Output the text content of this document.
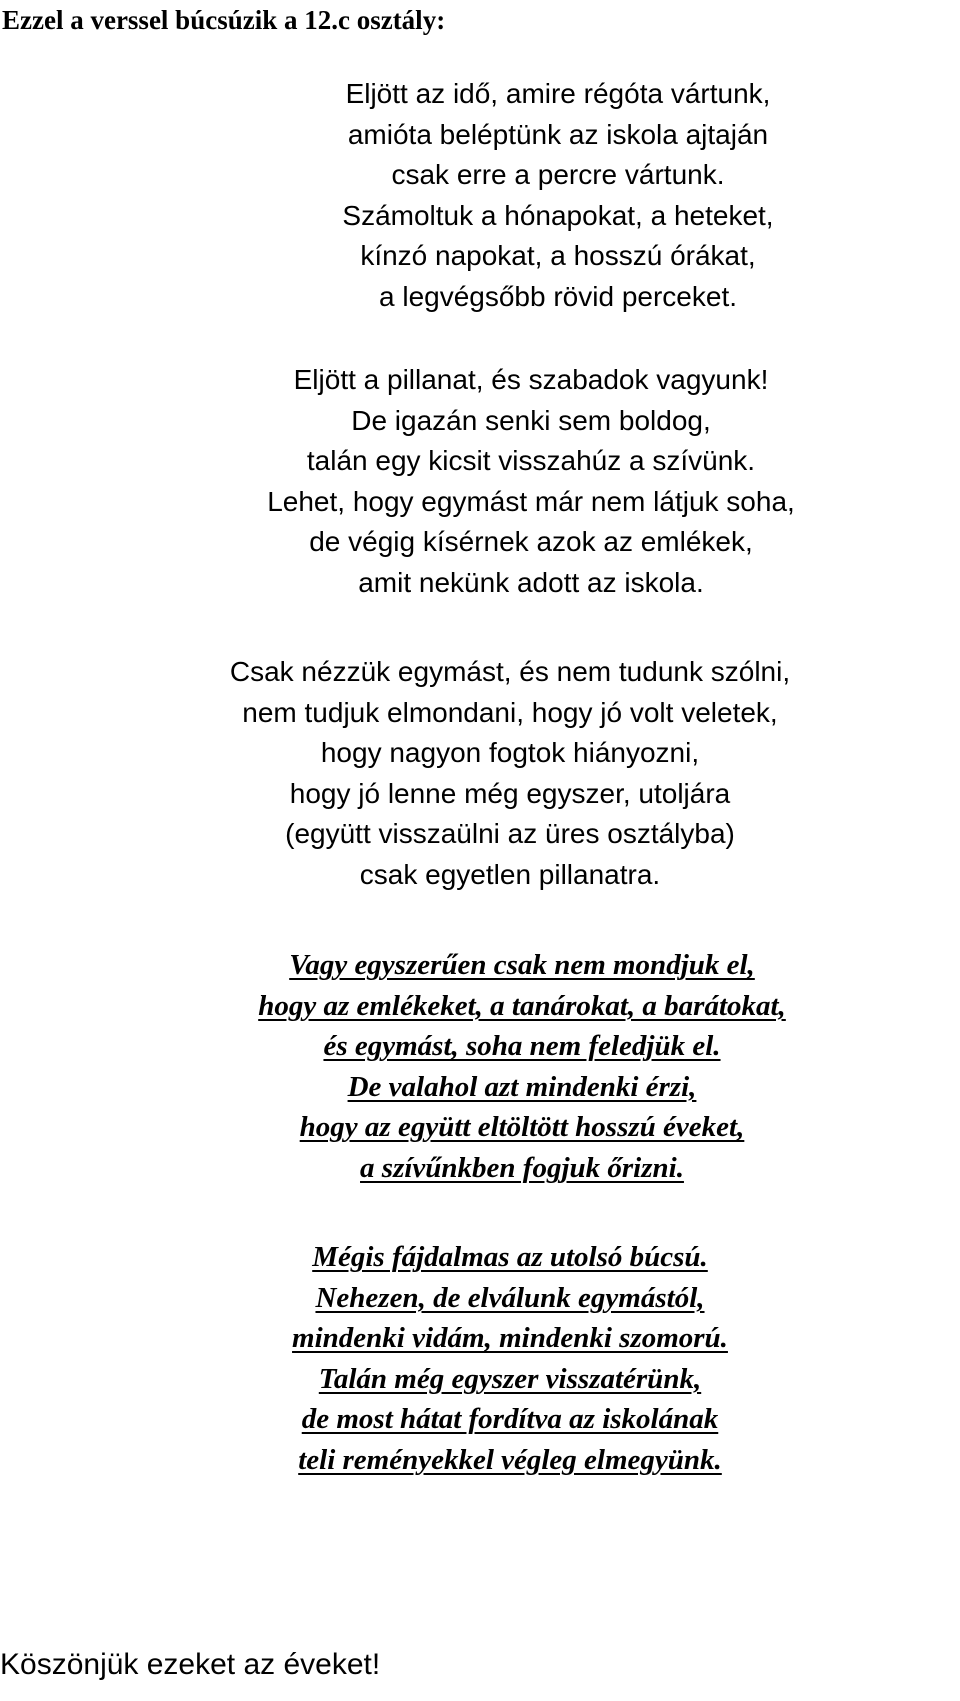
Ezzel a verssel búcsúzik a 12.c osztály:
Eljött az idő, amire régóta vártunk,
amióta beléptünk az iskola ajtaján
csak erre a percre vártunk.
Számoltuk a hónapokat, a heteket,
kínzó napokat, a hosszú órákat,
a legvégsőbb rövid perceket.
Eljött a pillanat, és szabadok vagyunk!
De igazán senki sem boldog,
talán egy kicsit visszahúz a szívünk.
Lehet, hogy egymást már nem látjuk soha,
de végig kísérnek azok az emlékek,
amit nekünk adott az iskola.
Csak nézzük egymást, és nem tudunk szólni,
nem tudjuk elmondani, hogy jó volt veletek,
hogy nagyon fogtok hiányozni,
hogy jó lenne még egyszer, utoljára
(együtt visszaülni az üres osztályba)
csak egyetlen pillanatra.
Vagy egyszerűen csak nem mondjuk el,
hogy az emlékeket, a tanárokat, a barátokat,
és egymást, soha nem feledjük el.
De valahol azt mindenki érzi,
hogy az együtt eltöltött hosszú éveket,
a szívűnkben fogjuk őrizni.
Mégis fájdalmas az utolsó búcsú.
Nehezen, de elválunk egymástól,
mindenki vidám, mindenki szomorú.
Talán még egyszer visszatérünk,
de most hátat fordítva az iskolának
teli reményekkel végleg elmegyünk.
Köszönjük ezeket az éveket!
